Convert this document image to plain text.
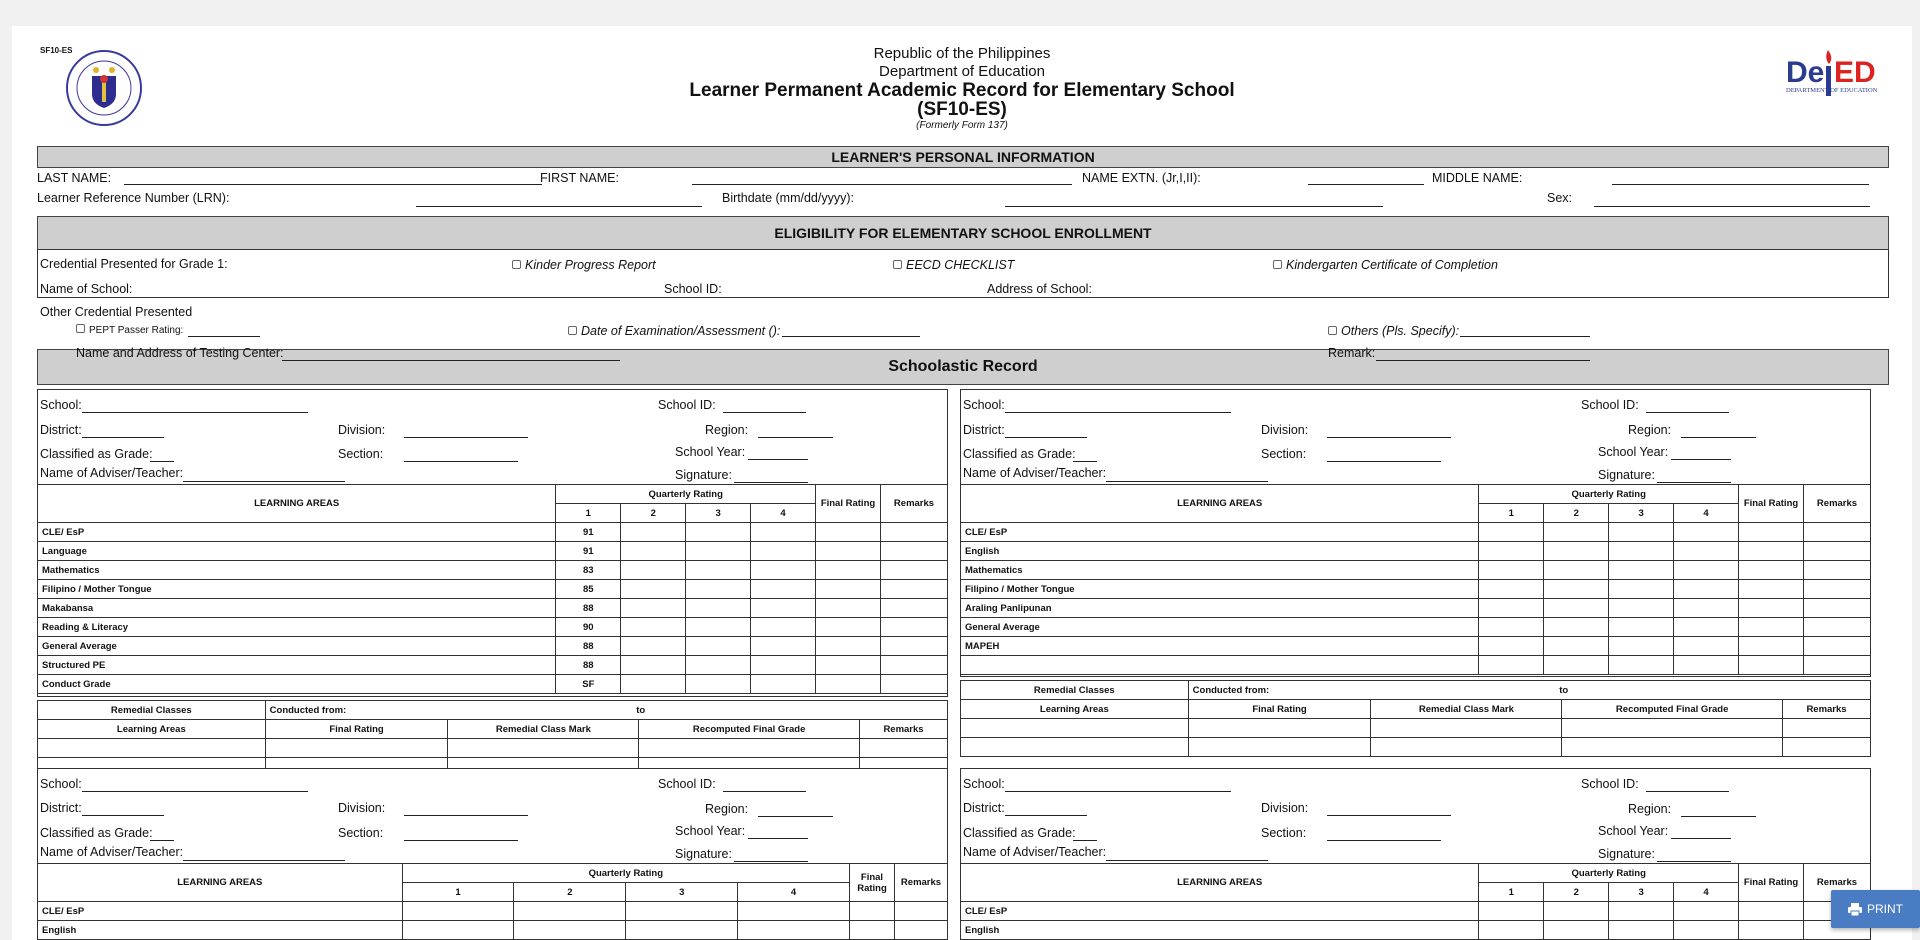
SF10-ES
De ED
DEPARTMENT OF EDUCATION
Republic of the Philippines
Department of Education
Learner Permanent Academic Record for Elementary School
(SF10-ES)
(Formerly Form 137)
LEARNER'S PERSONAL INFORMATION
LAST NAME:	FIRST NAME:	NAME EXTN. (Jr,I,II):	MIDDLE NAME:
Learner Reference Number (LRN):	Birthdate (mm/dd/yyyy):	Sex:
ELIGIBILITY FOR ELEMENTARY SCHOOL ENROLLMENT
Credential Presented for Grade 1:	Kinder Progress Report	EECD CHECKLIST	Kindergarten Certificate of Completion
Name of School:	School ID:	Address of School:
Other Credential Presented
PEPT Passer Rating:	Date of Examination/Assessment ():	Others (Pls. Specify):
Schoolastic Record
Name and Address of Testing Center:	Remark:
School:	School ID:
District:	Division:	Region:
Classified as Grade:	Section:	School Year:
Name of Adviser/Teacher:	Signature:
LEARNING AREAS	Quarterly Rating				Final Rating	Remarks
	1	2	3	4		
CLE/ EsP	91					
Language	91					
Mathematics	83					
Filipino / Mother Tongue	85					
Makabansa	88					
Reading & Literacy	90					
General Average	88					
Structured PE	88					
Conduct Grade	SF					
Remedial Classes	Conducted from: to			
Learning Areas	Final Rating	Remedial Class Mark	Recomputed Final Grade	Remarks

School:	School ID:
District:	Division:	Region:
Classified as Grade:	Section:	School Year:
Name of Adviser/Teacher:	Signature:
LEARNING AREAS	Quarterly Rating				Final Rating	Remarks
	1	2	3	4		
CLE/ EsP						
English						
Mathematics						
Filipino / Mother Tongue						
Araling Panlipunan						
General Average						
MAPEH						

Remedial Classes	Conducted from: to			
Learning Areas	Final Rating	Remedial Class Mark	Recomputed Final Grade	Remarks

School:	School ID:
District:	Division:	Region:
Classified as Grade:	Section:	School Year:
Name of Adviser/Teacher:	Signature:
LEARNING AREAS	Quarterly Rating				Final Rating	Remarks
	1	2	3	4		
CLE/ EsP						
English						
School:	School ID:
District:	Division:	Region:
Classified as Grade:	Section:	School Year:
Name of Adviser/Teacher:	Signature:
LEARNING AREAS	Quarterly Rating				Final Rating	Remarks
	1	2	3	4		
CLE/ EsP						
English						
PRINT
